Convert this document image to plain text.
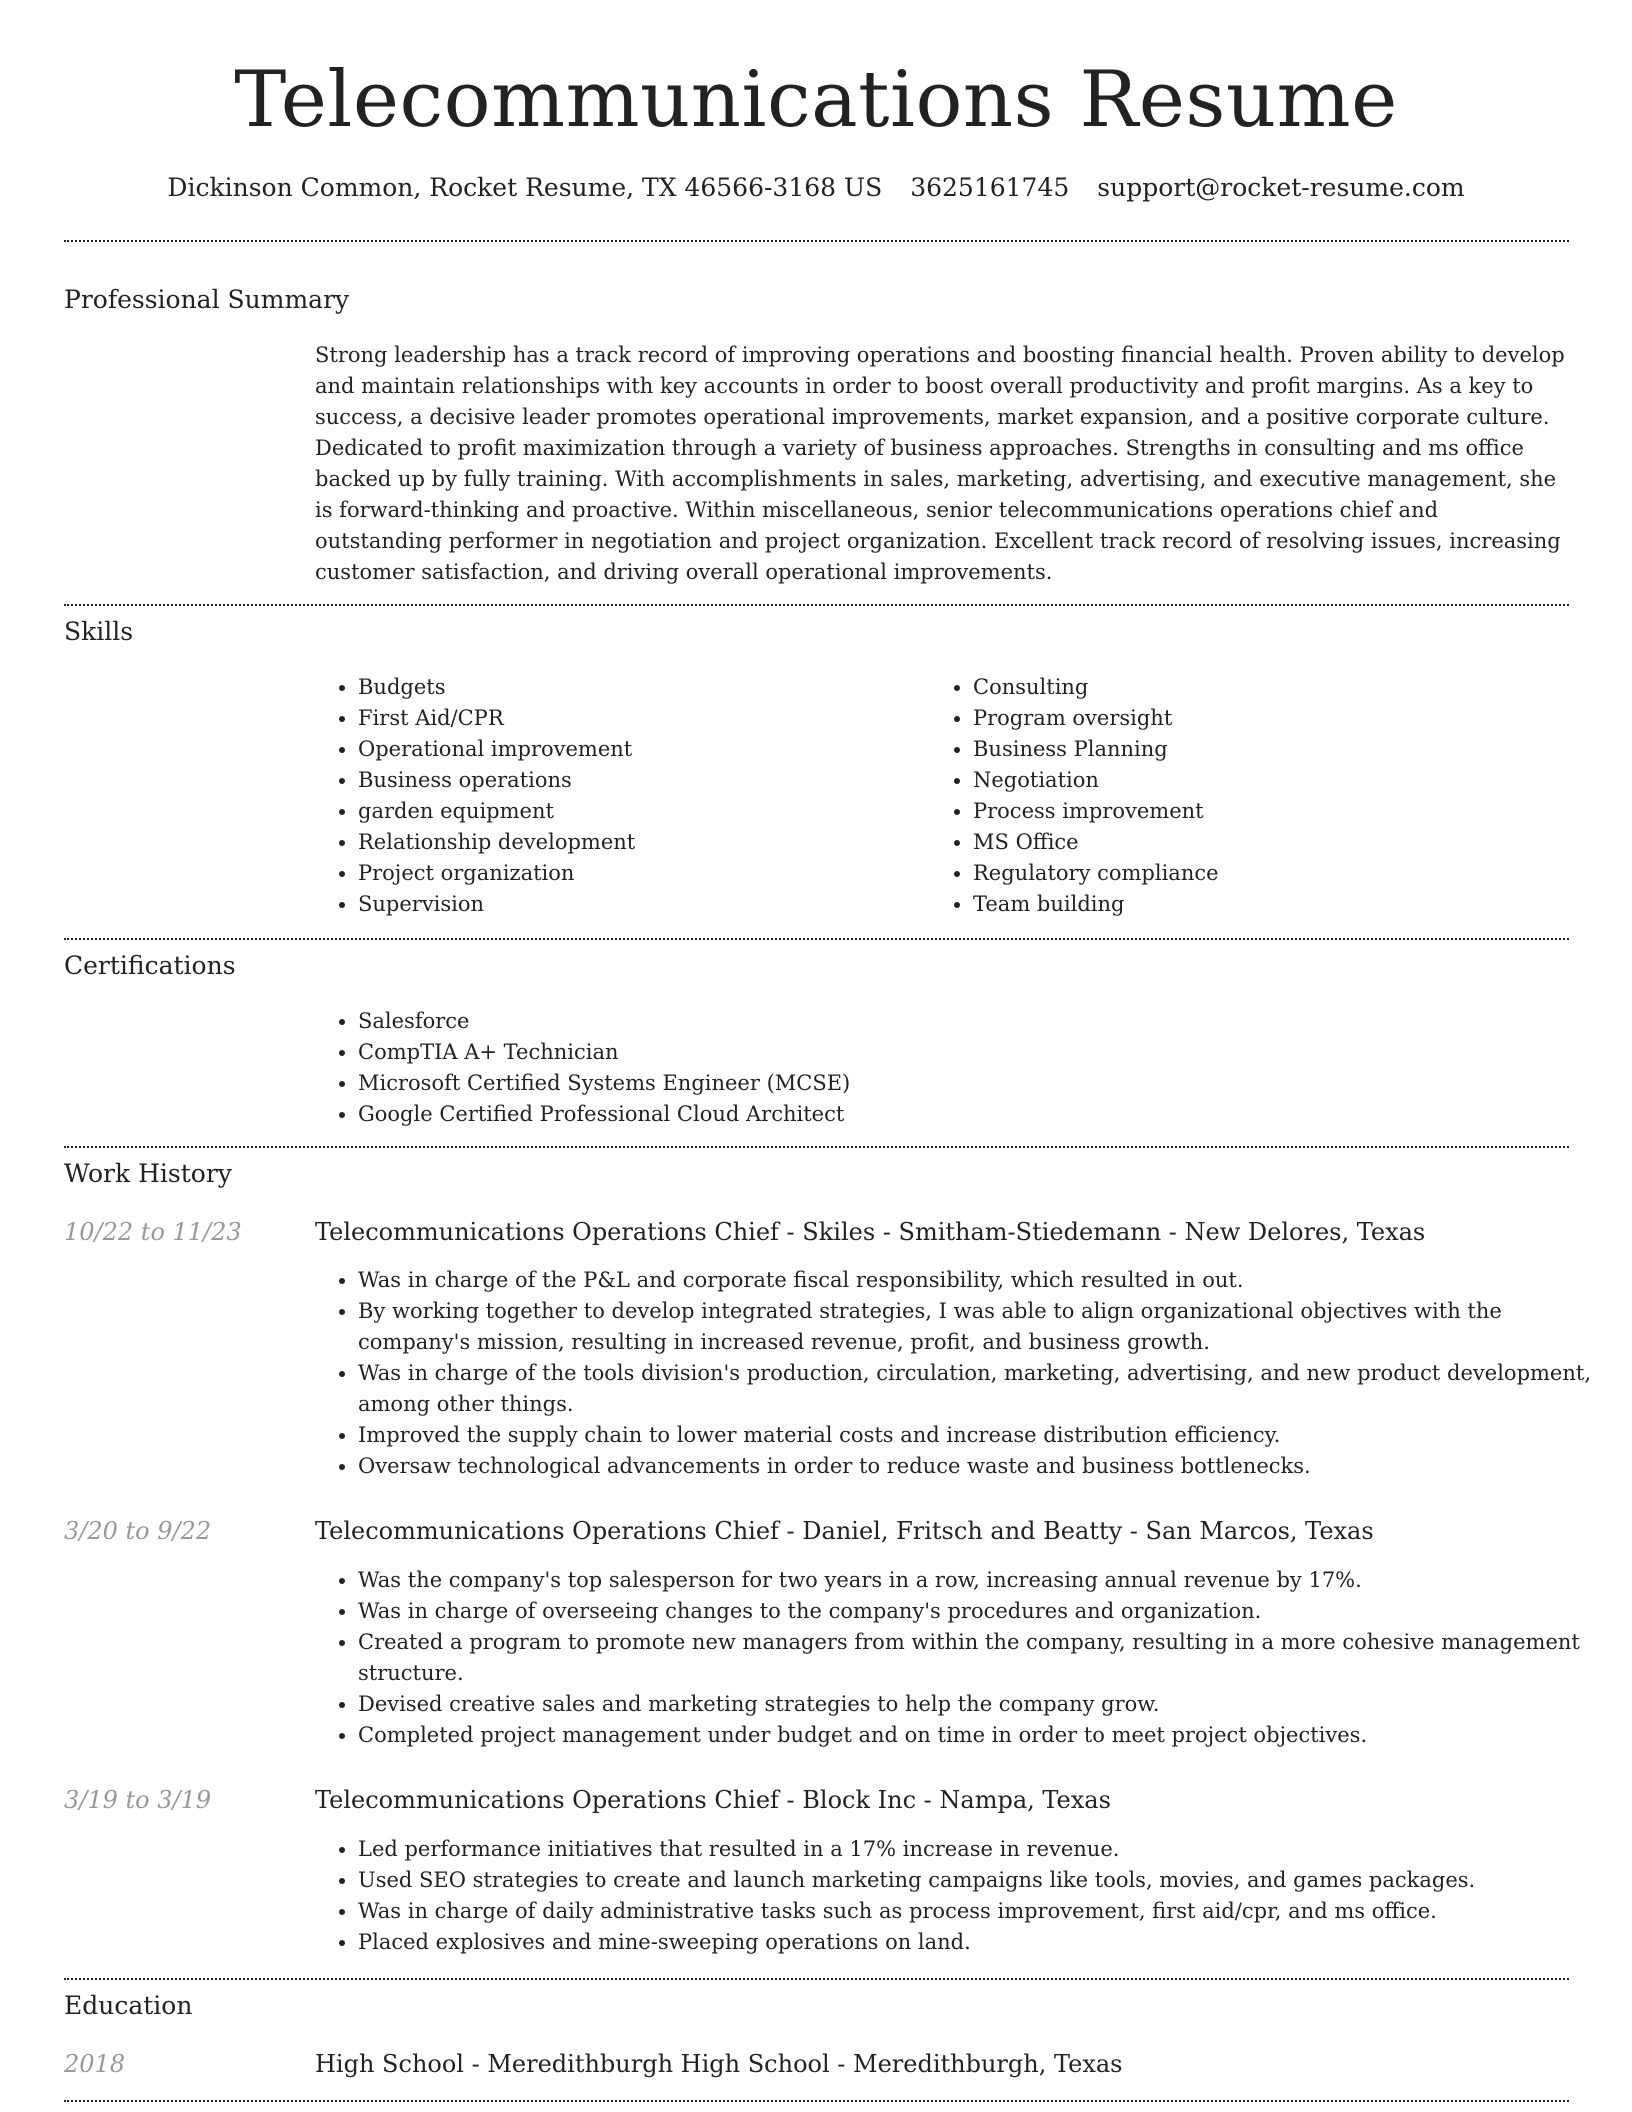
Telecommunications Resume
Dickinson Common, Rocket Resume, TX 46566-3168 US 3625161745 support@rocket-resume.com
Professional Summary

Strong leadership has a track record of improving operations and boosting financial health. Proven ability to develop and maintain relationships with key accounts in order to boost overall productivity and profit margins. As a key to success, a decisive leader promotes operational improvements, market expansion, and a positive corporate culture. Dedicated to profit maximization through a variety of business approaches. Strengths in consulting and ms office backed up by fully training. With accomplishments in sales, marketing, advertising, and executive management, she is forward-thinking and proactive. Within miscellaneous, senior telecommunications operations chief and outstanding performer in negotiation and project organization. Excellent track record of resolving issues, increasing customer satisfaction, and driving overall operational improvements.

Skills
• Budgets
• First Aid/CPR
• Operational improvement
• Business operations
• garden equipment
• Relationship development
• Project organization
• Supervision
• Consulting
• Program oversight
• Business Planning
• Negotiation
• Process improvement
• MS Office
• Regulatory compliance
• Team building
Certifications
• Salesforce
• CompTIA A+ Technician
• Microsoft Certified Systems Engineer (MCSE)
• Google Certified Professional Cloud Architect
Work History
10/22 to 11/23	Telecommunications Operations Chief - Skiles - Smitham-Stiedemann - New Delores, Texas
• Was in charge of the P&L and corporate fiscal responsibility, which resulted in out.
• By working together to develop integrated strategies, I was able to align organizational objectives with the company's mission, resulting in increased revenue, profit, and business growth.
• Was in charge of the tools division's production, circulation, marketing, advertising, and new product development, among other things.
• Improved the supply chain to lower material costs and increase distribution efficiency.
• Oversaw technological advancements in order to reduce waste and business bottlenecks.
3/20 to 9/22	Telecommunications Operations Chief - Daniel, Fritsch and Beatty - San Marcos, Texas
• Was the company's top salesperson for two years in a row, increasing annual revenue by 17%.
• Was in charge of overseeing changes to the company's procedures and organization.
• Created a program to promote new managers from within the company, resulting in a more cohesive management structure.
• Devised creative sales and marketing strategies to help the company grow.
• Completed project management under budget and on time in order to meet project objectives.
3/19 to 3/19	Telecommunications Operations Chief - Block Inc - Nampa, Texas
• Led performance initiatives that resulted in a 17% increase in revenue.
• Used SEO strategies to create and launch marketing campaigns like tools, movies, and games packages.
• Was in charge of daily administrative tasks such as process improvement, first aid/cpr, and ms office.
• Placed explosives and mine-sweeping operations on land.
Education
2018	High School - Meredithburgh High School - Meredithburgh, Texas
